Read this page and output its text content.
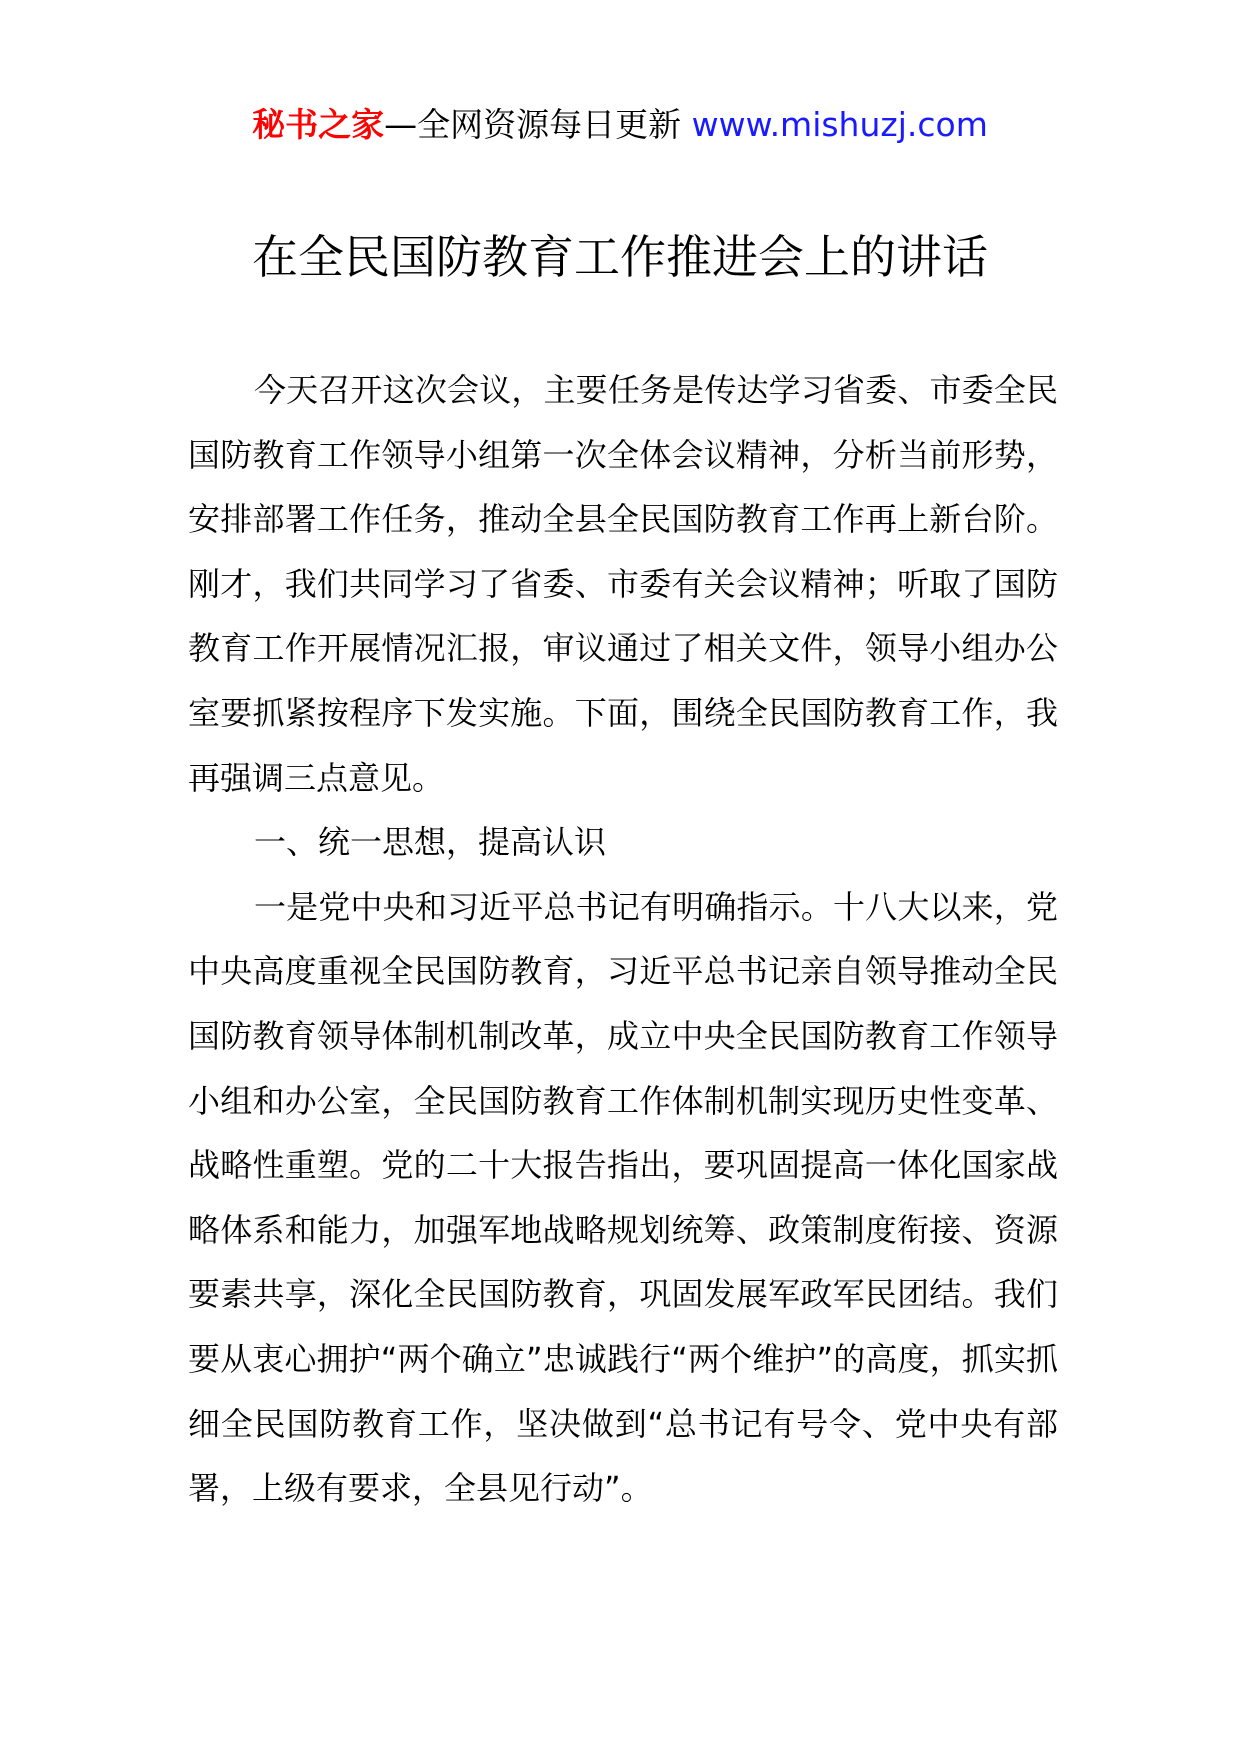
秘书之家—全网资源每日更新 www.mishuzj.com
在全民国防教育工作推进会上的讲话

今天召开这次会议，主要任务是传达学习省委、市委全民国防教育工作领导小组第一次全体会议精神，分析当前形势，安排部署工作任务，推动全县全民国防教育工作再上新台阶。刚才，我们共同学习了省委、市委有关会议精神；听取了国防教育工作开展情况汇报，审议通过了相关文件，领导小组办公室要抓紧按程序下发实施。下面，围绕全民国防教育工作，我再强调三点意见。

一、统一思想，提高认识

一是党中央和习近平总书记有明确指示。十八大以来，党中央高度重视全民国防教育，习近平总书记亲自领导推动全民国防教育领导体制机制改革，成立中央全民国防教育工作领导小组和办公室，全民国防教育工作体制机制实现历史性变革、战略性重塑。党的二十大报告指出，要巩固提高一体化国家战略体系和能力，加强军地战略规划统筹、政策制度衔接、资源要素共享，深化全民国防教育，巩固发展军政军民团结。我们要从衷心拥护“两个确立”忠诚践行“两个维护”的高度，抓实抓细全民国防教育工作，坚决做到“总书记有号令、党中央有部署，上级有要求，全县见行动”。
